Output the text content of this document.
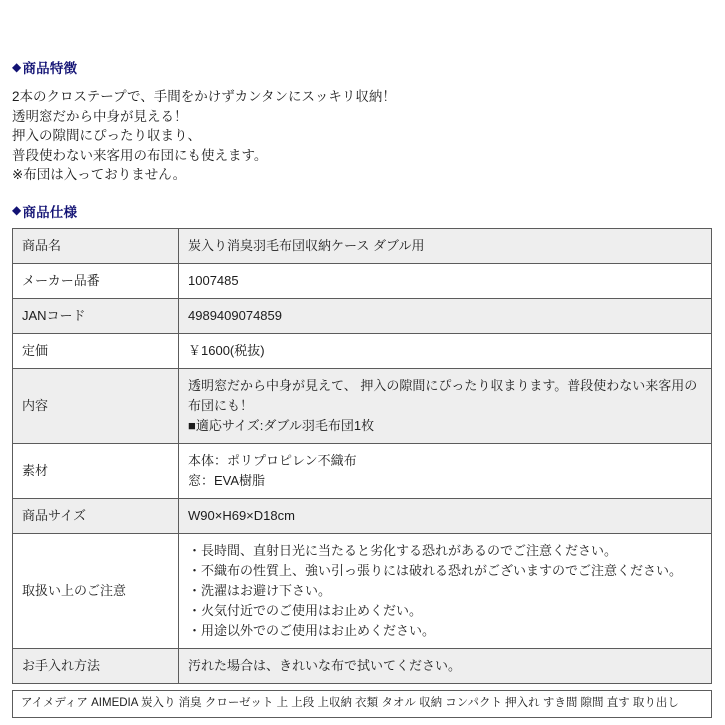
◆ 商品特徴
2本のクロステープで、手間をかけずカンタンにスッキリ収納！
透明窓だから中身が見える！
押入の隙間にぴったり収まり、
普段使わない来客用の布団にも使えます。
※布団は入っておりません。
◆ 商品仕様
商品名	炭入り消臭羽毛布団収納ケース ダブル用

メーカー品番	1007485

JANコード	4989409074859

定価	￥1600(税抜)

内容	透明窓だから中身が見えて、 押入の隙間にぴったり収まります。普段使わない来客用の
布団にも！
■適応サイズ:ダブル羽毛布団1枚

素材	本体：ポリプロピレン不織布
窓：EVA樹脂

商品サイズ	W90×H69×D18cm

取扱い上のご注意	・長時間、直射日光に当たると劣化する恐れがあるのでご注意ください。
・不織布の性質上、強い引っ張りには破れる恐れがございますのでご注意ください。
・洗濯はお避け下さい。
・火気付近でのご使用はお止めくだい。
・用途以外でのご使用はお止めください。

お手入れ方法	汚れた場合は、きれいな布で拭いてください。
アイメディア AIMEDIA 炭入り 消臭 クローゼット 上 上段 上収納 衣類 タオル 収納 コンパクト 押入れ すき間 隙間 直す 取り出し
